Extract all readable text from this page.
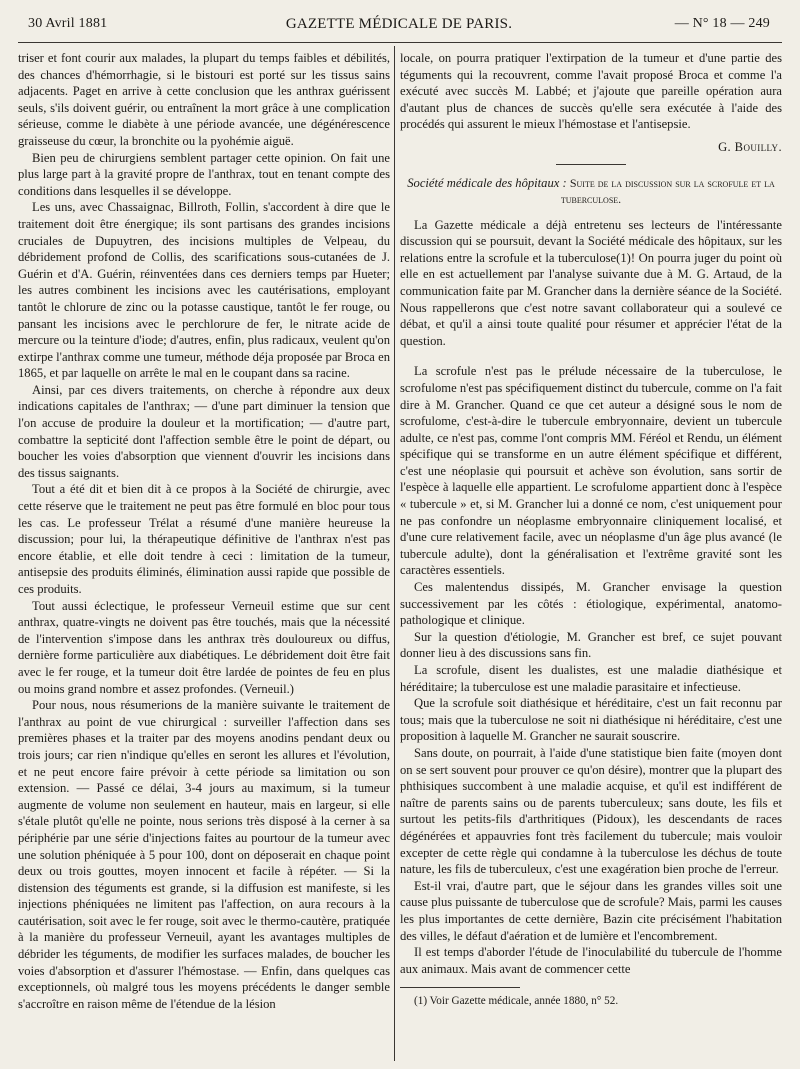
30 Avril 1881	GAZETTE MÉDICALE DE PARIS.	— N° 18 — 249

triser et font courir aux malades, la plupart du temps faibles et débilités, des chances d'hémorrhagie, si le bistouri est porté sur les tissus sains adjacents. Paget en arrive à cette conclusion que les anthrax guérissent seuls, s'ils doivent guérir, ou entraînent la mort grâce à une complication sérieuse, comme le diabète à une période avancée, une dégénérescence graisseuse du cœur, la bronchite ou la pyohémie aiguë.

Bien peu de chirurgiens semblent partager cette opinion. On fait une plus large part à la gravité propre de l'anthrax, tout en tenant compte des conditions dans lesquelles il se développe.

Les uns, avec Chassaignac, Billroth, Follin, s'accordent à dire que le traitement doit être énergique; ils sont partisans des grandes incisions cruciales de Dupuytren, des incisions multiples de Velpeau, du débridement profond de Collis, des scarifications sous-cutanées de J. Guérin et d'A. Guérin, réinventées dans ces derniers temps par Hueter; les autres combinent les incisions avec les cautérisations, employant tantôt le chlorure de zinc ou la potasse caustique, tantôt le fer rouge, ou pansant les incisions avec le perchlorure de fer, le nitrate acide de mercure ou la teinture d'iode; d'autres, enfin, plus radicaux, veulent qu'on extirpe l'anthrax comme une tumeur, méthode déja proposée par Broca en 1865, et par laquelle on arrête le mal en le coupant dans sa racine.

Ainsi, par ces divers traitements, on cherche à répondre aux deux indications capitales de l'anthrax; — d'une part diminuer la tension que l'on accuse de produire la douleur et la mortification; — d'autre part, combattre la septicité dont l'affection semble être le point de départ, ou boucher les voies d'absorption que viennent d'ouvrir les incisions dans des tissus saignants.

Tout a été dit et bien dit à ce propos à la Société de chirurgie, avec cette réserve que le traitement ne peut pas être formulé en bloc pour tous les cas. Le professeur Trélat a résumé d'une manière heureuse la discussion; pour lui, la thérapeutique définitive de l'anthrax n'est pas encore établie, et elle doit tendre à ceci : limitation de la tumeur, antisepsie des produits éliminés, élimination aussi rapide que possible de ces produits.

Tout aussi éclectique, le professeur Verneuil estime que sur cent anthrax, quatre-vingts ne doivent pas être touchés, mais que la nécessité de l'intervention s'impose dans les anthrax très douloureux ou diffus, dernière forme particulière aux diabétiques. Le débridement doit être fait avec le fer rouge, et la tumeur doit être lardée de pointes de feu en plus ou moins grand nombre et assez profondes. (Verneuil.)

Pour nous, nous résumerions de la manière suivante le traitement de l'anthrax au point de vue chirurgical : surveiller l'affection dans ses premières phases et la traiter par des moyens anodins pendant deux ou trois jours; car rien n'indique qu'elles en seront les allures et l'évolution, et ne peut encore faire prévoir à cette période sa limitation ou son extension. — Passé ce délai, 3-4 jours au maximum, si la tumeur augmente de volume non seulement en hauteur, mais en largeur, si elle s'étale plutôt qu'elle ne pointe, nous serions très disposé à la cerner à sa périphérie par une série d'injections faites au pourtour de la tumeur avec une solution phéniquée à 5 pour 100, dont on déposerait en chaque point deux ou trois gouttes, moyen innocent et facile à répéter. — Si la distension des téguments est grande, si la diffusion est manifeste, si les injections phéniquées ne limitent pas l'affection, on aura recours à la cautérisation, soit avec le fer rouge, soit avec le thermo-cautère, pratiquée à la manière du professeur Verneuil, ayant les avantages multiples de débrider les téguments, de modifier les surfaces malades, de boucher les voies d'absorption et d'assurer l'hémostase. — Enfin, dans quelques cas exceptionnels, où malgré tous les moyens précédents le danger semble s'accroître en raison même de l'étendue de la lésion

locale, on pourra pratiquer l'extirpation de la tumeur et d'une partie des téguments qui la recouvrent, comme l'avait proposé Broca et comme l'a exécuté avec succès M. Labbé; et j'ajoute que pareille opération aura d'autant plus de chances de succès qu'elle sera exécutée à l'aide des procédés qui assurent le mieux l'hémostase et l'antisepsie.

G. Bouilly.
Société médicale des hôpitaux : Suite de la discussion sur la scrofule et la tuberculose.

La Gazette médicale a déjà entretenu ses lecteurs de l'intéressante discussion qui se poursuit, devant la Société médicale des hôpitaux, sur les relations entre la scrofule et la tuberculose(1)! On pourra juger du point où elle en est actuellement par l'analyse suivante due à M. G. Artaud, de la communication faite par M. Grancher dans la dernière séance de la Société. Nous rappellerons que c'est notre savant collaborateur qui a soulevé ce débat, et qu'il a ainsi toute qualité pour résumer et apprécier l'état de la question.

La scrofule n'est pas le prélude nécessaire de la tuberculose, le scrofulome n'est pas spécifiquement distinct du tubercule, comme on l'a fait dire à M. Grancher. Quand ce que cet auteur a désigné sous le nom de scrofulome, c'est-à-dire le tubercule embryonnaire, devient un tubercule adulte, ce n'est pas, comme l'ont compris MM. Féréol et Rendu, un élément spécifique qui se transforme en un autre élément spécifique et différent, c'est une néoplasie qui poursuit et achève son évolution, sans sortir de l'espèce à laquelle elle appartient. Le scrofulome appartient donc à l'espèce « tubercule » et, si M. Grancher lui a donné ce nom, c'est uniquement pour ne pas confondre un néoplasme embryonnaire cliniquement localisé, et d'une cure relativement facile, avec un néoplasme d'un âge plus avancé (le tubercule adulte), dont la généralisation et l'extrême gravité sont les caractères essentiels.

Ces malentendus dissipés, M. Grancher envisage la question successivement par les côtés : étiologique, expérimental, anatomo-pathologique et clinique.

Sur la question d'étiologie, M. Grancher est bref, ce sujet pouvant donner lieu à des discussions sans fin.

La scrofule, disent les dualistes, est une maladie diathésique et héréditaire; la tuberculose est une maladie parasitaire et infectieuse.

Que la scrofule soit diathésique et héréditaire, c'est un fait reconnu par tous; mais que la tuberculose ne soit ni diathésique ni héréditaire, c'est une proposition à laquelle M. Grancher ne saurait souscrire.

Sans doute, on pourrait, à l'aide d'une statistique bien faite (moyen dont on se sert souvent pour prouver ce qu'on désire), montrer que la plupart des phthisiques succombent à une maladie acquise, et qu'il est indifférent de naître de parents sains ou de parents tuberculeux; sans doute, les fils et surtout les petits-fils d'arthritiques (Pidoux), les descendants de races dégénérées et appauvries font très facilement du tubercule; mais vouloir excepter de cette règle qui condamne à la tuberculose les déchus de toute nature, les fils de tuberculeux, c'est une exagération bien proche de l'erreur.

Est-il vrai, d'autre part, que le séjour dans les grandes villes soit une cause plus puissante de tuberculose que de scrofule? Mais, parmi les causes les plus importantes de cette dernière, Bazin cite précisément l'habitation des villes, le défaut d'aération et de lumière et l'encombrement.

Il est temps d'aborder l'étude de l'inoculabilité du tubercule de l'homme aux animaux. Mais avant de commencer cette

(1) Voir Gazette médicale, année 1880, n° 52.
